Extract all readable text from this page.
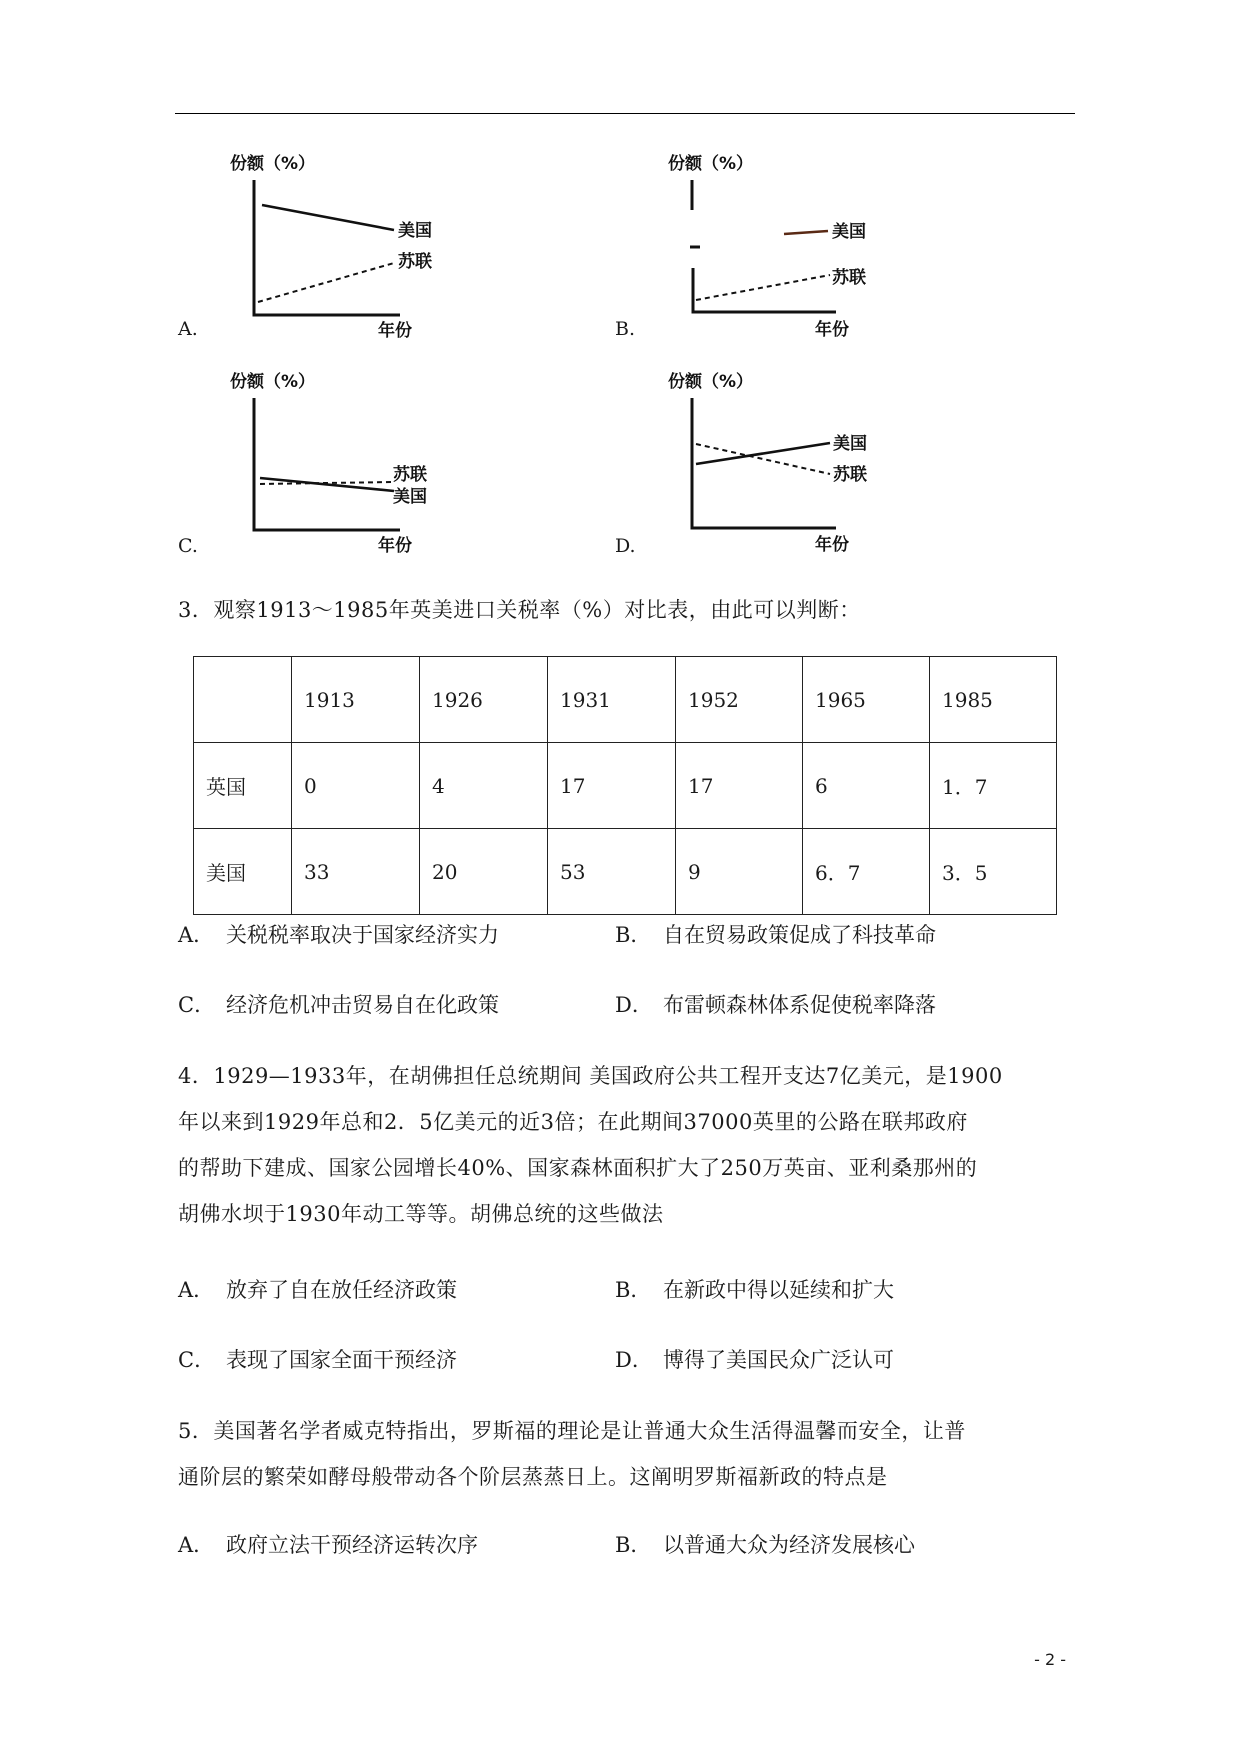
A.
份额（%）
美国
苏联
年份	B.
份额（%）
美国
苏联
年份
C.
份额（%）
苏联
美国
年份	D.
份额（%）
美国
苏联
年份
3．观察1913～1985年英美进口关税率（%）对比表，由此可以判断：
	1913	1926	1931	1952	1965	1985
英国	0	4	17	17	6	1．7
美国	33	20	53	9	6．7	3．5
A． 关税税率取决于国家经济实力	B． 自在贸易政策促成了科技革命
C． 经济危机冲击贸易自在化政策	D． 布雷顿森林体系促使税率降落
4．1929—1933年，在胡佛担任总统期间 美国政府公共工程开支达7亿美元，是1900
年以来到1929年总和2．5亿美元的近3倍；在此期间37000英里的公路在联邦政府
的帮助下建成、国家公园增长40%、国家森林面积扩大了250万英亩、亚利桑那州的
胡佛水坝于1930年动工等等。胡佛总统的这些做法
A． 放弃了自在放任经济政策	B． 在新政中得以延续和扩大
C． 表现了国家全面干预经济	D． 博得了美国民众广泛认可
5．美国著名学者威克特指出，罗斯福的理论是让普通大众生活得温馨而安全，让普
通阶层的繁荣如酵母般带动各个阶层蒸蒸日上。这阐明罗斯福新政的特点是
A． 政府立法干预经济运转次序	B． 以普通大众为经济发展核心
- 2 -
